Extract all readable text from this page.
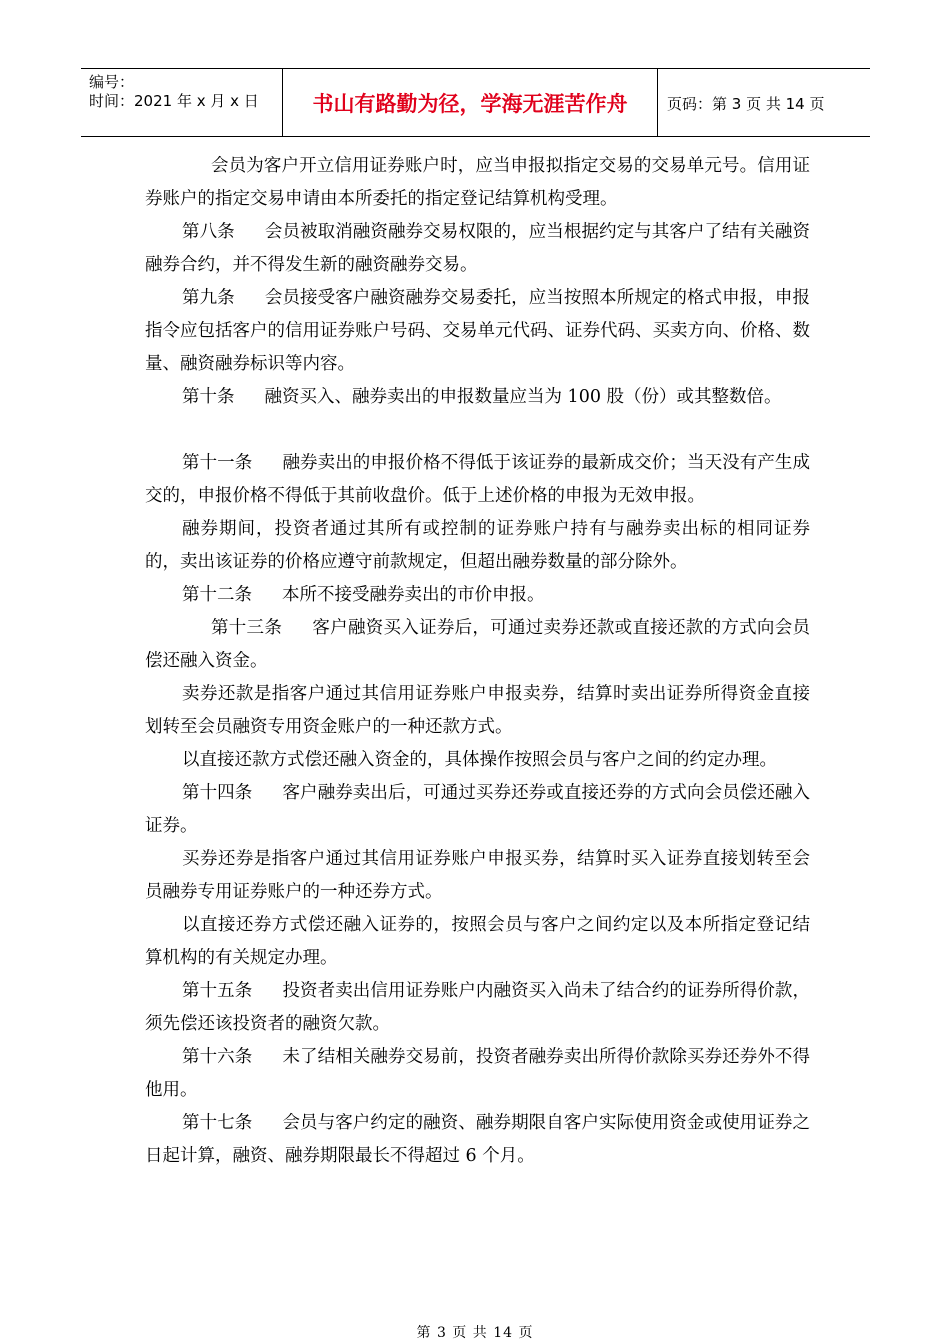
编号：
时间：2021 年 x 月 x 日	书山有路勤为径，学海无涯苦作舟	页码：第 3 页 共 14 页

会员为客户开立信用证券账户时，应当申报拟指定交易的交易单元号。信用证券账户的指定交易申请由本所委托的指定登记结算机构受理。

第八条 会员被取消融资融券交易权限的，应当根据约定与其客户了结有关融资融券合约，并不得发生新的融资融券交易。

第九条 会员接受客户融资融券交易委托，应当按照本所规定的格式申报，申报指令应包括客户的信用证券账户号码、交易单元代码、证券代码、买卖方向、价格、数量、融资融券标识等内容。

第十条 融资买入、融券卖出的申报数量应当为 100 股（份）或其整数倍。

第十一条 融券卖出的申报价格不得低于该证券的最新成交价；当天没有产生成交的，申报价格不得低于其前收盘价。低于上述价格的申报为无效申报。

融券期间，投资者通过其所有或控制的证券账户持有与融券卖出标的相同证券的，卖出该证券的价格应遵守前款规定，但超出融券数量的部分除外。

第十二条 本所不接受融券卖出的市价申报。

第十三条 客户融资买入证券后，可通过卖券还款或直接还款的方式向会员偿还融入资金。

卖券还款是指客户通过其信用证券账户申报卖券，结算时卖出证券所得资金直接划转至会员融资专用资金账户的一种还款方式。

以直接还款方式偿还融入资金的，具体操作按照会员与客户之间的约定办理。

第十四条 客户融券卖出后，可通过买券还券或直接还券的方式向会员偿还融入证券。

买券还券是指客户通过其信用证券账户申报买券，结算时买入证券直接划转至会员融券专用证券账户的一种还券方式。

以直接还券方式偿还融入证券的，按照会员与客户之间约定以及本所指定登记结算机构的有关规定办理。

第十五条 投资者卖出信用证券账户内融资买入尚未了结合约的证券所得价款，须先偿还该投资者的融资欠款。

第十六条 未了结相关融券交易前，投资者融券卖出所得价款除买券还券外不得他用。

第十七条 会员与客户约定的融资、融券期限自客户实际使用资金或使用证券之日起计算，融资、融券期限最长不得超过 6 个月。

第 3 页 共 14 页
